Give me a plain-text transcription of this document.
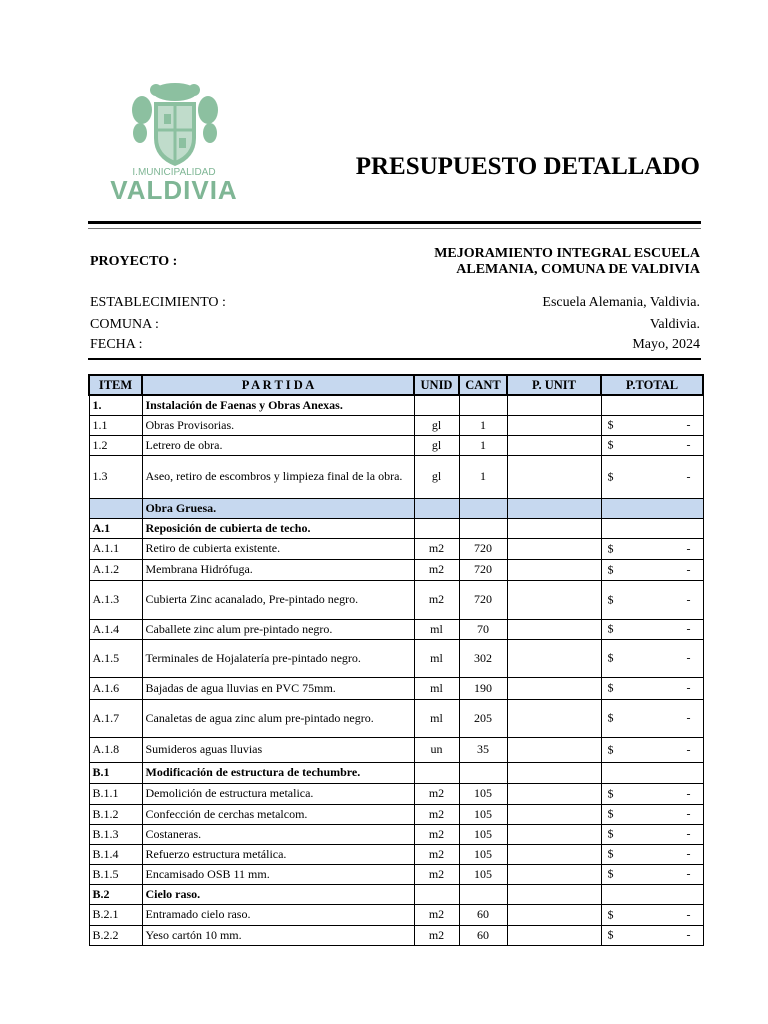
I.MUNICIPALIDAD
VALDIVIA
PRESUPUESTO DETALLADO
PROYECTO :
MEJORAMIENTO INTEGRAL ESCUELA
ALEMANIA, COMUNA DE VALDIVIA
ESTABLECIMIENTO :	Escuela Alemania, Valdivia.
COMUNA :	Valdivia.
FECHA :	Mayo, 2024
ITEM	P A R T I D A	UNID	CANT	P. UNIT	P.TOTAL
1.	Instalación de Faenas y Obras Anexas.				
1.1	Obras Provisorias.	gl	1		$ -

1.2	Letrero de obra.	gl	1		$ -

1.3	Aseo, retiro de escombros y limpieza final de la obra.	gl	1		$ -

	Obra Gruesa.				
A.1	Reposición de cubierta de techo.				
A.1.1	Retiro de cubierta existente.	m2	720		$ -

A.1.2	Membrana Hidrófuga.	m2	720		$ -

A.1.3	Cubierta Zinc acanalado, Pre-pintado negro.	m2	720		$ -

A.1.4	Caballete zinc alum pre-pintado negro.	ml	70		$ -

A.1.5	Terminales de Hojalatería pre-pintado negro.	ml	302		$ -

A.1.6	Bajadas de agua lluvias en PVC 75mm.	ml	190		$ -

A.1.7	Canaletas de agua zinc alum pre-pintado negro.	ml	205		$ -

A.1.8	Sumideros aguas lluvias	un	35		$ -

B.1	Modificación de estructura de techumbre.				
B.1.1	Demolición de estructura metalica.	m2	105		$ -

B.1.2	Confección de cerchas metalcom.	m2	105		$ -

B.1.3	Costaneras.	m2	105		$ -

B.1.4	Refuerzo estructura metálica.	m2	105		$ -

B.1.5	Encamisado OSB 11 mm.	m2	105		$ -

B.2	Cielo raso.				
B.2.1	Entramado cielo raso.	m2	60		$ -

B.2.2	Yeso cartón 10 mm.	m2	60		$ -
